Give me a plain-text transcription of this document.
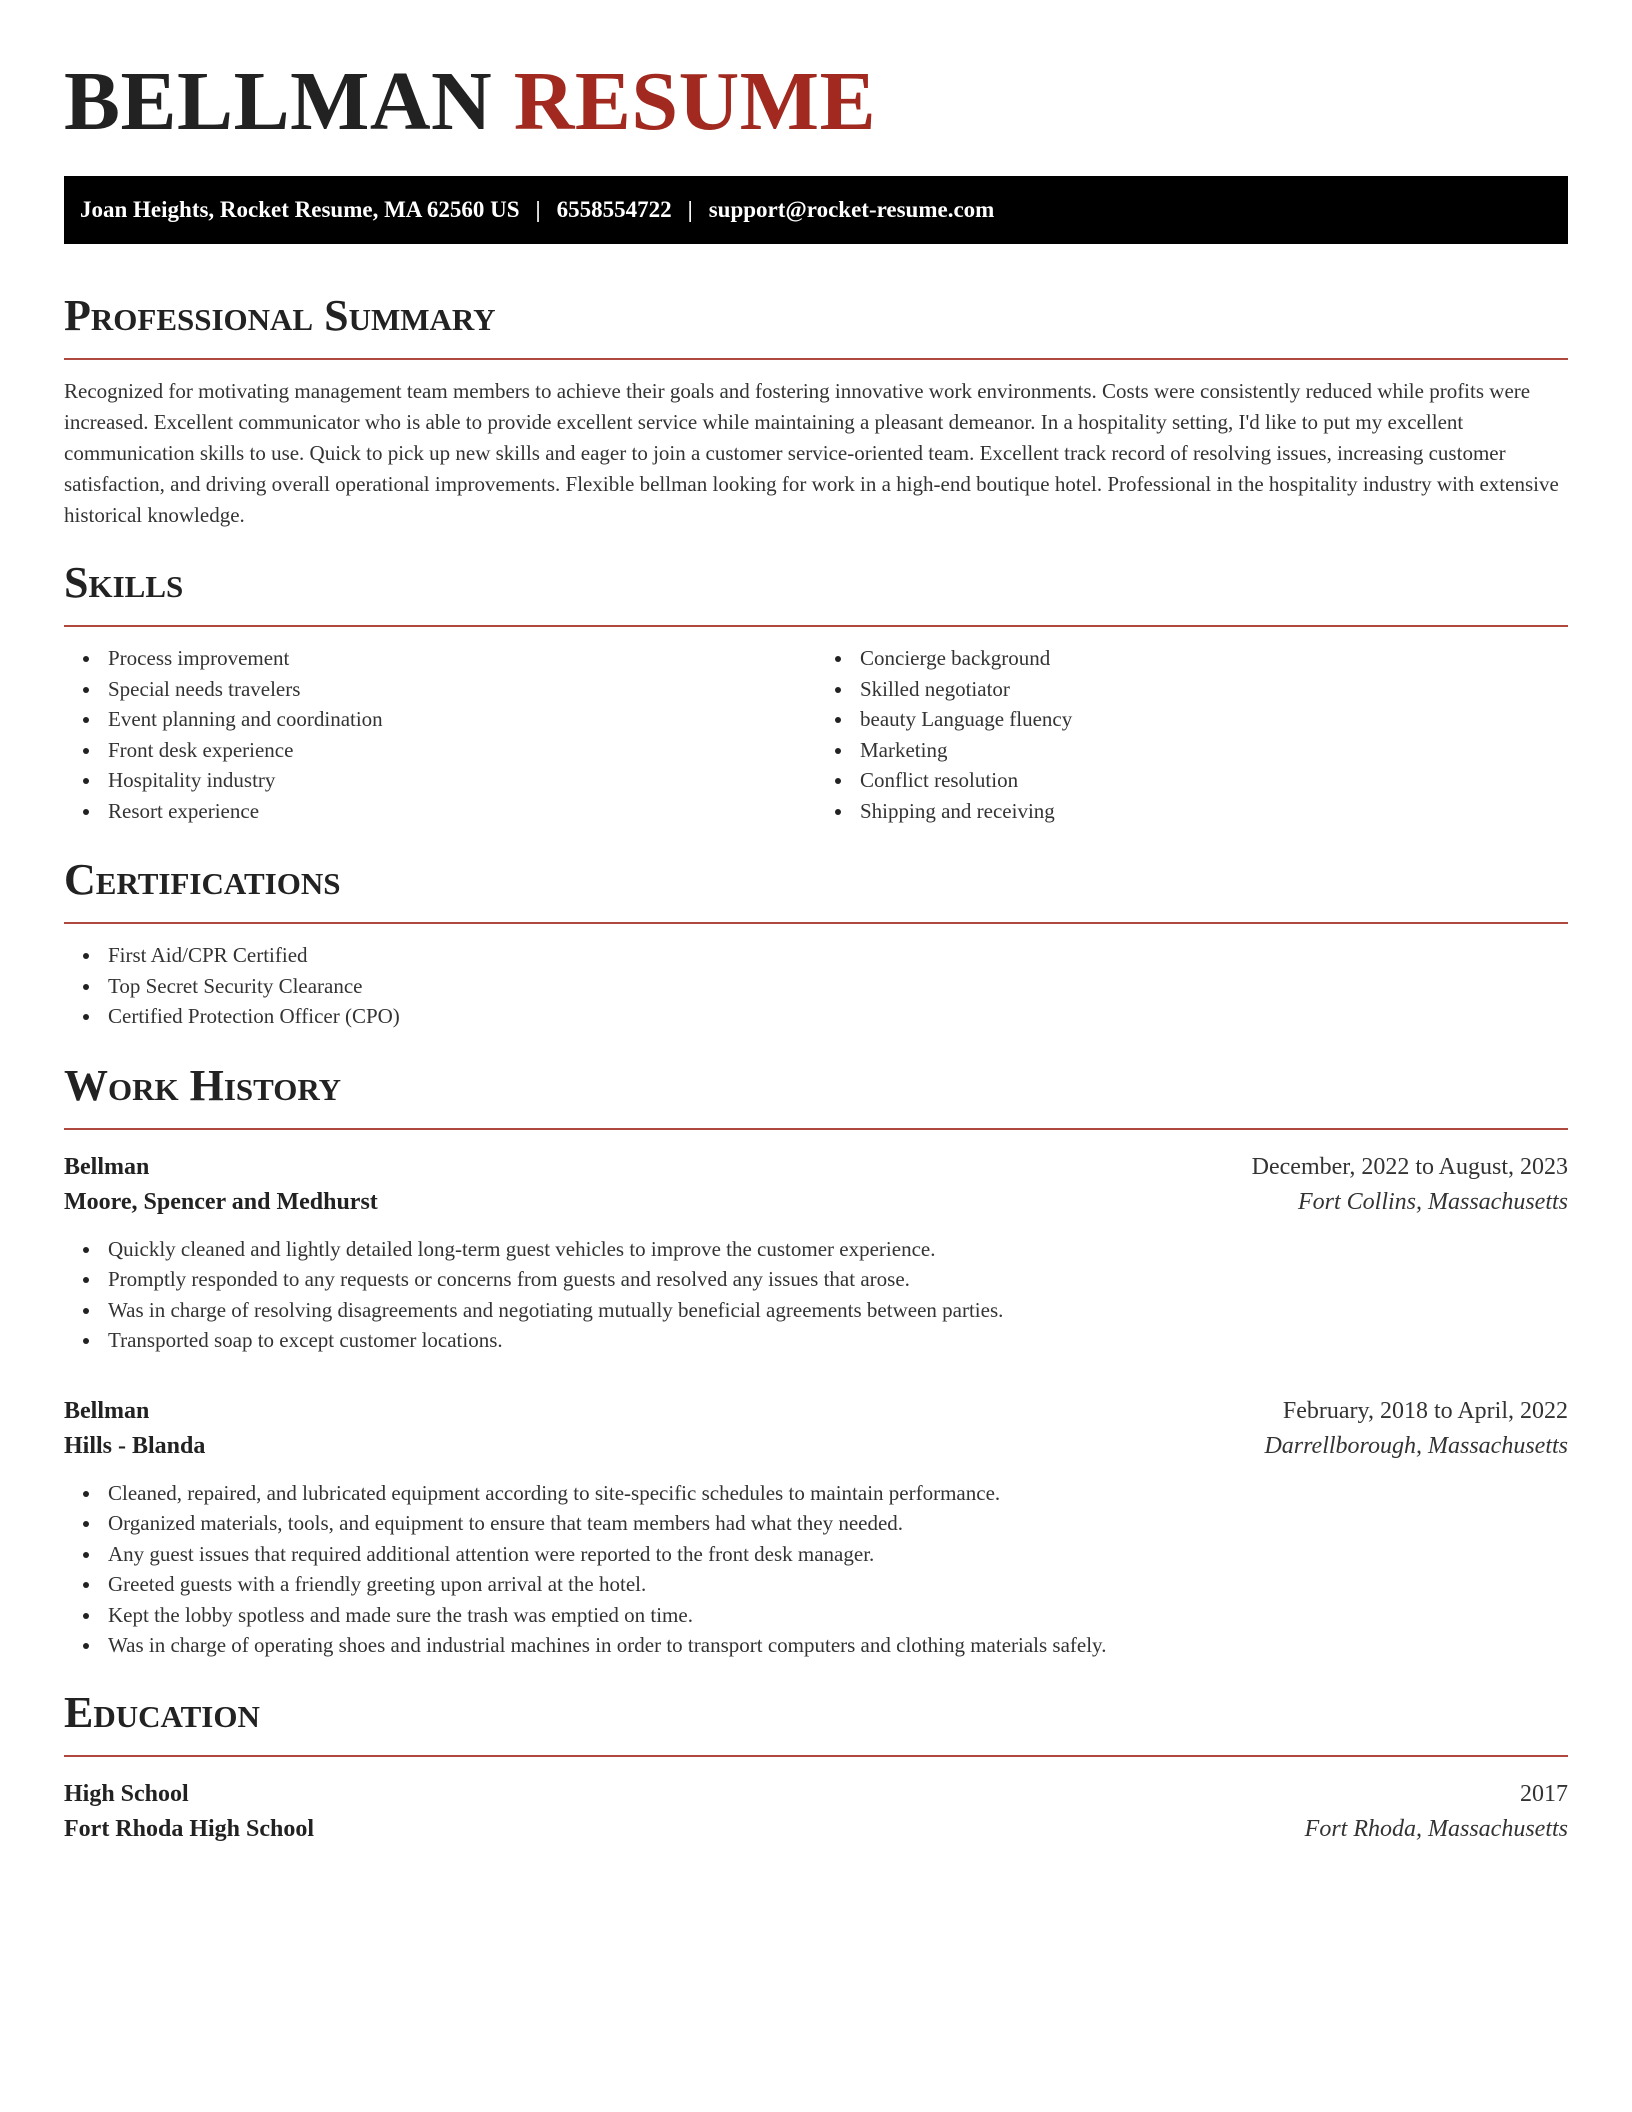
BELLMAN RESUME
Joan Heights, Rocket Resume, MA 62560 US | 6558554722 | support@rocket-resume.com
Professional Summary

Recognized for motivating management team members to achieve their goals and fostering innovative work environments. Costs were consistently reduced while profits were increased. Excellent communicator who is able to provide excellent service while maintaining a pleasant demeanor. In a hospitality setting, I'd like to put my excellent communication skills to use. Quick to pick up new skills and eager to join a customer service-oriented team. Excellent track record of resolving issues, increasing customer satisfaction, and driving overall operational improvements. Flexible bellman looking for work in a high-end boutique hotel. Professional in the hospitality industry with extensive historical knowledge.

Skills
Process improvement
Special needs travelers
Event planning and coordination
Front desk experience
Hospitality industry
Resort experience
Concierge background
Skilled negotiator
beauty Language fluency
Marketing
Conflict resolution
Shipping and receiving
Certifications
First Aid/CPR Certified
Top Secret Security Clearance
Certified Protection Officer (CPO)
Work History
Bellman	December, 2022 to August, 2023
Moore, Spencer and Medhurst	Fort Collins, Massachusetts
Quickly cleaned and lightly detailed long-term guest vehicles to improve the customer experience.
Promptly responded to any requests or concerns from guests and resolved any issues that arose.
Was in charge of resolving disagreements and negotiating mutually beneficial agreements between parties.
Transported soap to except customer locations.
Bellman	February, 2018 to April, 2022
Hills - Blanda	Darrellborough, Massachusetts
Cleaned, repaired, and lubricated equipment according to site-specific schedules to maintain performance.
Organized materials, tools, and equipment to ensure that team members had what they needed.
Any guest issues that required additional attention were reported to the front desk manager.
Greeted guests with a friendly greeting upon arrival at the hotel.
Kept the lobby spotless and made sure the trash was emptied on time.
Was in charge of operating shoes and industrial machines in order to transport computers and clothing materials safely.
Education
High School	2017
Fort Rhoda High School	Fort Rhoda, Massachusetts
